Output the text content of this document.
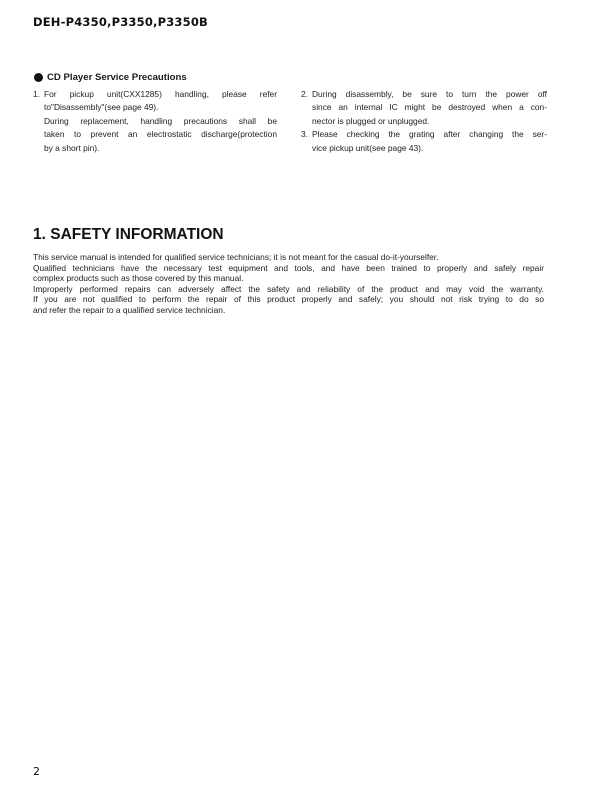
DEH-P4350,P3350,P3350B
CD Player Service Precautions
1. For pickup unit(CXX1285) handling, please refer
to"Disassembly"(see page 49).
During replacement, handling precautions shall be
taken to prevent an electrostatic discharge(protection
by a short pin).
2. During disassembly, be sure to turn the power off
since an internal IC might be destroyed when a con-
nector is plugged or unplugged.
3. Please checking the grating after changing the ser-
vice pickup unit(see page 43).
1. SAFETY INFORMATION
This service manual is intended for qualified service technicians; it is not meant for the casual do-it-yourselfer.
Qualified technicians have the necessary test equipment and tools, and have been trained to properly and safely repair
complex products such as those covered by this manual.
Improperly performed repairs can adversely affect the safety and reliability of the product and may void the warranty.
If you are not qualified to perform the repair of this product properly and safely; you should not risk trying to do so
and refer the repair to a qualified service technician.
2
